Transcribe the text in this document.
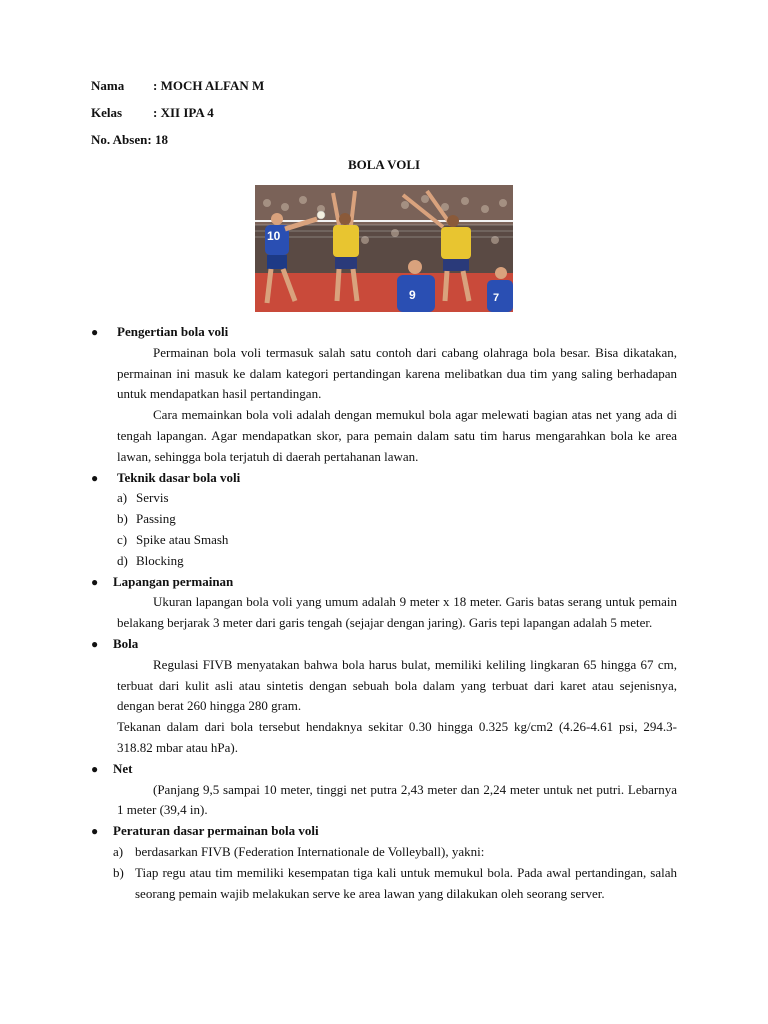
Nama : MOCH ALFAN M
Kelas : XII IPA 4
No. Absen: 18
BOLA VOLI
10
9	7
● Pengertian bola voli
Permainan bola voli termasuk salah satu contoh dari cabang olahraga bola besar. Bisa dikatakan, permainan ini masuk ke dalam kategori pertandingan karena melibatkan dua tim yang saling berhadapan untuk mendapatkan hasil pertandingan.
Cara memainkan bola voli adalah dengan memukul bola agar melewati bagian atas net yang ada di tengah lapangan. Agar mendapatkan skor, para pemain dalam satu tim harus mengarahkan bola ke area lawan, sehingga bola terjatuh di daerah pertahanan lawan.
● Teknik dasar bola voli
a) Servis
b) Passing
c) Spike atau Smash
d) Blocking
● Lapangan permainan
Ukuran lapangan bola voli yang umum adalah 9 meter x 18 meter. Garis batas serang untuk pemain belakang berjarak 3 meter dari garis tengah (sejajar dengan jaring). Garis tepi lapangan adalah 5 meter.
● Bola
Regulasi FIVB menyatakan bahwa bola harus bulat, memiliki keliling lingkaran 65 hingga 67 cm, terbuat dari kulit asli atau sintetis dengan sebuah bola dalam yang terbuat dari karet atau sejenisnya, dengan berat 260 hingga 280 gram.
Tekanan dalam dari bola tersebut hendaknya sekitar 0.30 hingga 0.325 kg/cm2 (4.26-4.61 psi, 294.3-318.82 mbar atau hPa).
● Net
(Panjang 9,5 sampai 10 meter, tinggi net putra 2,43 meter dan 2,24 meter untuk net putri. Lebarnya 1 meter (39,4 in).
● Peraturan dasar permainan bola voli
a) berdasarkan FIVB (Federation Internationale de Volleyball), yakni:
b) Tiap regu atau tim memiliki kesempatan tiga kali untuk memukul bola. Pada awal pertandingan, salah seorang pemain wajib melakukan serve ke area lawan yang dilakukan oleh seorang server.
